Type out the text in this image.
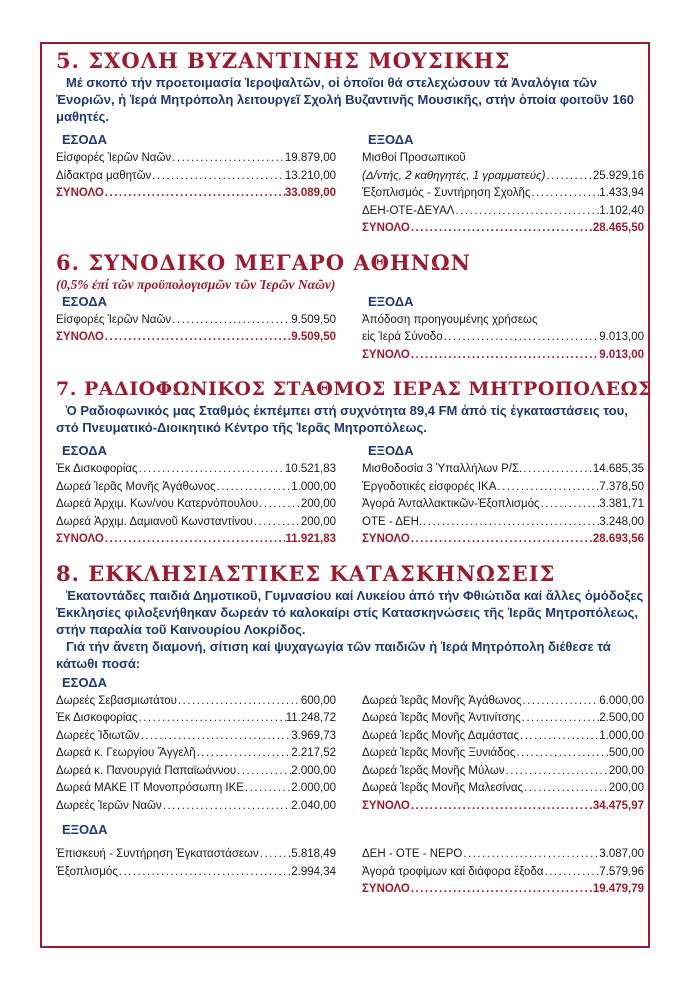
5. ΣΧΟΛΗ ΒΥΖΑΝΤΙΝΗΣ ΜΟΥΣΙΚΗΣ

Μέ σκοπό τήν προετοιμασία Ἱεροψαλτῶν, οἱ ὁποῖοι θά στελεχώσουν τά Ἀναλόγια τῶν Ἐνοριῶν, ἡ Ἱερά Μητρόπολη λειτουργεῖ Σχολή Βυζαντινῆς Μουσικῆς, στήν ὁποία φοιτοῦν 160 μαθητές.

ΕΣΟΔΑ
Εἰσφορές Ἱερῶν Ναῶν .....	19.879,00
Δίδακτρα μαθητῶν .....	13.210,00
ΣΥΝΟΛΟ .....	33.089,00
ΕΞΟΔΑ
Μισθοί Προσωπικοῦ
(Δ/ντής, 2 καθηγητές, 1 γραμματεύς) .....	25.929,16
Ἐξοπλισμός - Συντήρηση Σχολῆς .....	1.433,94
ΔΕΗ-ΟΤΕ-ΔΕΥΑΛ .....	1.102,40
ΣΥΝΟΛΟ .....	28.465,50
6. ΣΥΝΟΔΙΚΟ ΜΕΓΑΡΟ ΑΘΗΝΩΝ

(0,5% ἐπί τῶν προϋπολογισμῶν τῶν Ἱερῶν Ναῶν)

ΕΣΟΔΑ
Εἰσφορές Ἱερῶν Ναῶν .....	9.509,50
ΣΥΝΟΛΟ .....	9.509,50
ΕΞΟΔΑ
Ἀπόδοση προηγουμένης χρήσεως
εἰς Ἱερά Σύνοδο .....	9.013,00
ΣΥΝΟΛΟ .....	9.013,00
7. ΡΑΔΙΟΦΩΝΙΚΟΣ ΣΤΑΘΜΟΣ ΙΕΡΑΣ ΜΗΤΡΟΠΟΛΕΩΣ

Ὁ Ραδιοφωνικός μας Σταθμός ἐκπέμπει στή συχνότητα 89,4 FM ἀπό τίς ἐγκαταστάσεις του, στό Πνευματικό-Διοικητικό Κέντρο τῆς Ἱερᾶς Μητροπόλεως.

ΕΣΟΔΑ
Ἐκ Δισκοφορίας .....	10.521,83
Δωρεά Ἱερᾶς Μονῆς Ἀγάθωνος .....	1.000,00
Δωρεά Ἀρχιμ. Κων/νου Κατερνόπουλου .....	200,00
Δωρεά Ἀρχιμ. Δαμιανοῦ Κωνσταντίνου .....	200,00
ΣΥΝΟΛΟ .....	11.921,83
ΕΞΟΔΑ
Μισθοδοσία 3 Ὑπαλλήλων Ρ/Σ. .....	14.685,35
Ἐργοδοτικές εἰσφορές ΙΚΑ .....	7.378,50
Ἀγορά Ἀνταλλακτικῶν-Ἐξοπλισμός .....	3.381,71
ΟΤΕ - ΔΕΗ. .....	3.248,00
ΣΥΝΟΛΟ .....	28.693,56
8. ΕΚΚΛΗΣΙΑΣΤΙΚΕΣ ΚΑΤΑΣΚΗΝΩΣΕΙΣ

Ἑκατοντάδες παιδιά Δημοτικοῦ, Γυμνασίου καί Λυκείου ἀπό τήν Φθιώτιδα καί ἄλλες ὁμόδοξες Ἐκκλησίες φιλοξενήθηκαν δωρεάν τό καλοκαίρι στίς Κατασκηνώσεις τῆς Ἱερᾶς Μητροπόλεως, στήν παραλία τοῦ Καινουρίου Λοκρίδος.

Γιά τήν ἄνετη διαμονή, σίτιση καί ψυχαγωγία τῶν παιδιῶν ἡ Ἱερά Μητρόπολη διέθεσε τά κάτωθι ποσά:

ΕΣΟΔΑ
Δωρεές Σεβασμιωτάτου .....	600,00
Ἐκ Δισκοφορίας .....	11.248,72
Δωρεές Ἰδιωτῶν .....	3.969,73
Δωρεά κ. Γεωργίου Ἄγγελῆ .....	2.217,52
Δωρεά κ. Πανουργιά Παπαϊωάννου .....	2.000,00
Δωρεά MAKE IT Μονοπρόσωπη ΙΚΕ .....	2.000,00
Δωρεές Ἱερῶν Ναῶν .....	2.040,00
Δωρεά Ἱερᾶς Μονῆς Ἀγάθωνος .....	6.000,00
Δωρεά Ἱερᾶς Μονῆς Ἀντινίτσης .....	2.500,00
Δωρεά Ἱερᾶς Μονῆς Δαμάστας .....	1.000,00
Δωρεά Ἱερᾶς Μονῆς Ξυνιάδος .....	500,00
Δωρεά Ἱερᾶς Μονῆς Μύλων .....	200,00
Δωρεά Ἱερᾶς Μονῆς Μαλεσίνας .....	200,00
ΣΥΝΟΛΟ .....	34.475,97
ΕΞΟΔΑ
Ἐπισκευή - Συντήρηση Ἐγκαταστάσεων .....	5.818,49
Ἐξοπλισμός .....	2.994,34
ΔΕΗ - ΟΤΕ - ΝΕΡΟ .....	3.087,00
Ἀγορά τροφίμων καί διάφορα ἔξοδα .....	7.579,96
ΣΥΝΟΛΟ .....	19.479,79
